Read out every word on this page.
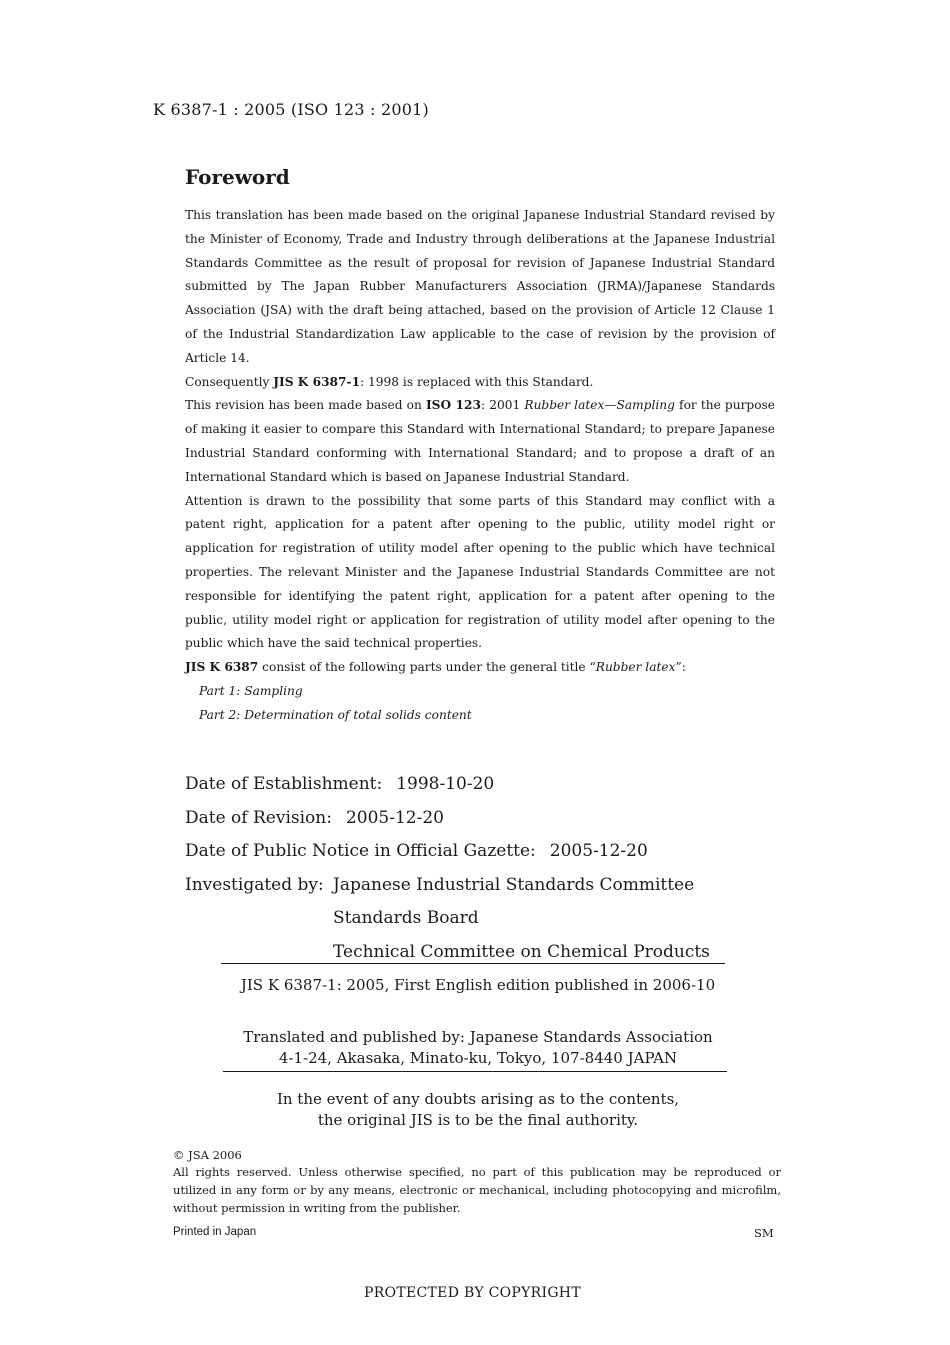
K 6387-1 : 2005 (ISO 123 : 2001)
Foreword

This translation has been made based on the original Japanese Industrial Standard revised by the Minister of Economy, Trade and Industry through deliberations at the Japanese Industrial Standards Committee as the result of proposal for revision of Japanese Industrial Standard submitted by The Japan Rubber Manufacturers Association (JRMA)/Japanese Standards Association (JSA) with the draft being attached, based on the provision of Article 12 Clause 1 of the Industrial Standardization Law applicable to the case of revision by the provision of Article 14.

Consequently JIS K 6387-1: 1998 is replaced with this Standard.

This revision has been made based on ISO 123: 2001 Rubber latex—Sampling for the purpose of making it easier to compare this Standard with International Standard; to prepare Japanese Industrial Standard conforming with International Standard; and to propose a draft of an International Standard which is based on Japanese Industrial Standard.

Attention is drawn to the possibility that some parts of this Standard may conflict with a patent right, application for a patent after opening to the public, utility model right or application for registration of utility model after opening to the public which have technical properties. The relevant Minister and the Japanese Industrial Standards Committee are not responsible for identifying the patent right, application for a patent after opening to the public, utility model right or application for registration of utility model after opening to the public which have the said technical properties.

JIS K 6387 consist of the following parts under the general title “Rubber latex”:

Part 1: Sampling

Part 2: Determination of total solids content

Date of Establishment: 1998-10-20
Date of Revision: 2005-12-20
Date of Public Notice in Official Gazette: 2005-12-20
Investigated by: Japanese Industrial Standards Committee
Standards Board
Technical Committee on Chemical Products
JIS K 6387-1: 2005, First English edition published in 2006-10
Translated and published by: Japanese Standards Association
4-1-24, Akasaka, Minato-ku, Tokyo, 107-8440 JAPAN
In the event of any doubts arising as to the contents,
the original JIS is to be the final authority.
© JSA 2006
All rights reserved. Unless otherwise specified, no part of this publication may be reproduced or utilized in any form or by any means, electronic or mechanical, including photocopying and microfilm, without permission in writing from the publisher.
Printed in Japan	SM
PROTECTED BY COPYRIGHT
